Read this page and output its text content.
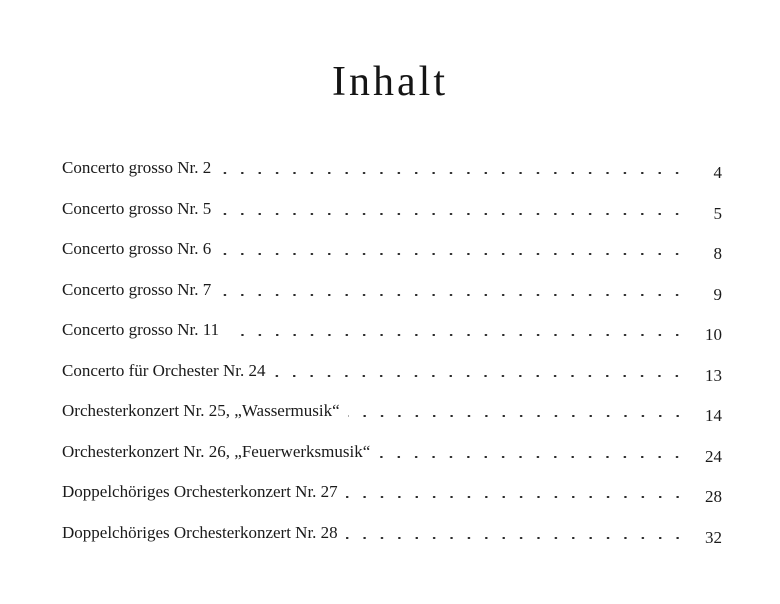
Inhalt
Concerto grosso Nr. 2	4
Concerto grosso Nr. 5	5
Concerto grosso Nr. 6	8
Concerto grosso Nr. 7	9
Concerto grosso Nr. 11	10
Concerto für Orchester Nr. 24	13
Orchesterkonzert Nr. 25, „Wassermusik“	14
Orchesterkonzert Nr. 26, „Feuerwerksmusik“	24
Doppelchöriges Orchesterkonzert Nr. 27	28
Doppelchöriges Orchesterkonzert Nr. 28	32
